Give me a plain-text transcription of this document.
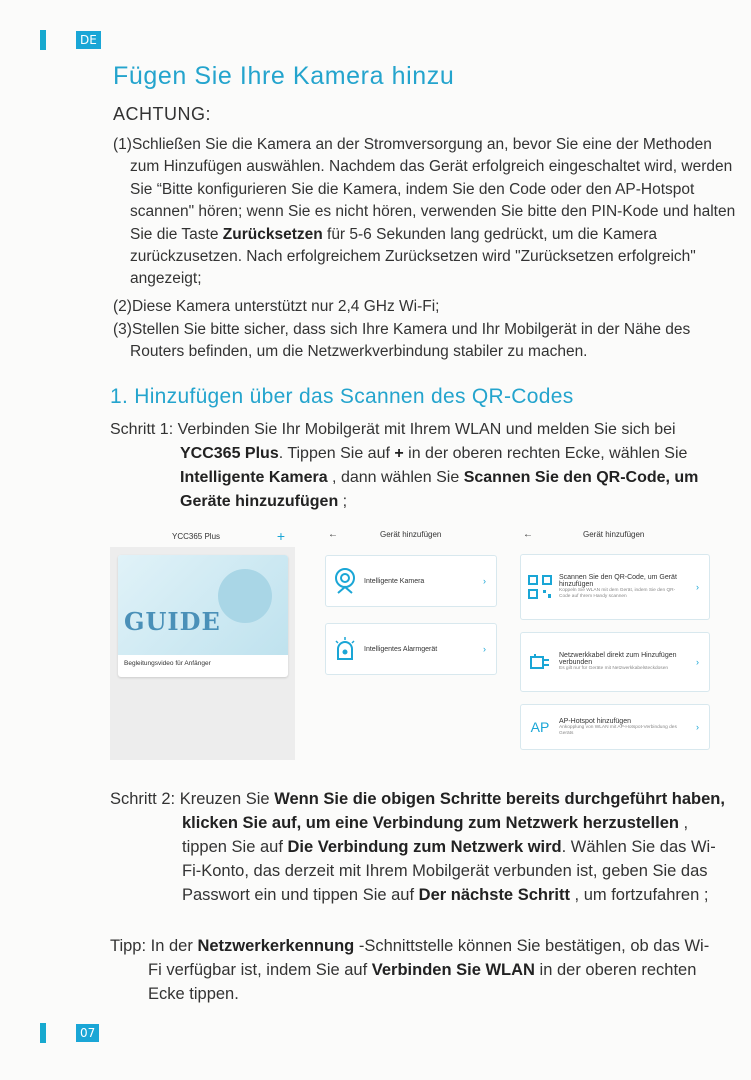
DE
Fügen Sie Ihre Kamera hinzu
ACHTUNG:
(1)Schließen Sie die Kamera an der Stromversorgung an, bevor Sie eine der Methoden zum Hinzufügen auswählen. Nachdem das Gerät erfolgreich eingeschaltet wird, werden Sie “Bitte konfigurieren Sie die Kamera, indem Sie den Code oder den AP-Hotspot scannen" hören; wenn Sie es nicht hören, verwenden Sie bitte den PIN-Kode und halten Sie die Taste Zurücksetzen für 5-6 Sekunden lang gedrückt, um die Kamera zurückzusetzen. Nach erfolgreichem Zurücksetzen wird "Zurücksetzen erfolgreich" angezeigt;
(2)Diese Kamera unterstützt nur 2,4 GHz Wi-Fi;
(3)Stellen Sie bitte sicher, dass sich Ihre Kamera und Ihr Mobilgerät in der Nähe des Routers befinden, um die Netzwerkverbindung stabiler zu machen.
1. Hinzufügen über das Scannen des QR-Codes
Schritt 1: Verbinden Sie Ihr Mobilgerät mit Ihrem WLAN und melden Sie sich bei YCC365 Plus. Tippen Sie auf + in der oberen rechten Ecke, wählen Sie Intelligente Kamera , dann wählen Sie Scannen Sie den QR-Code, um Geräte hinzuzufügen ;
YCC365 Plus	+
GUIDE
Begleitungsvideo für Anfänger
←	Gerät hinzufügen
Intelligente Kamera	›
Intelligentes Alarmgerät	›
←	Gerät hinzufügen
Scannen Sie den QR-Code, um Gerät hinzufügen
Koppeln Sie WLAN mit dem Gerät, indem Sie den QR-Code auf Ihrem Handy scannen
›
Netzwerkkabel direkt zum Hinzufügen verbunden
Es gilt nur für Geräte mit Netzwerkkabelsteckdosen
›
AP	AP-Hotspot hinzufügen
Ankopplung von WLAN mit AP-Hotspot-Verbindung des Geräts
›
Schritt 2: Kreuzen Sie Wenn Sie die obigen Schritte bereits durchgeführt haben, klicken Sie auf, um eine Verbindung zum Netzwerk herzustellen , tippen Sie auf Die Verbindung zum Netzwerk wird. Wählen Sie das Wi-Fi-Konto, das derzeit mit Ihrem Mobilgerät verbunden ist, geben Sie das Passwort ein und tippen Sie auf Der nächste Schritt , um fortzufahren ;
Tipp: In der Netzwerkerkennung -Schnittstelle können Sie bestätigen, ob das Wi-Fi verfügbar ist, indem Sie auf Verbinden Sie WLAN in der oberen rechten Ecke tippen.
07
